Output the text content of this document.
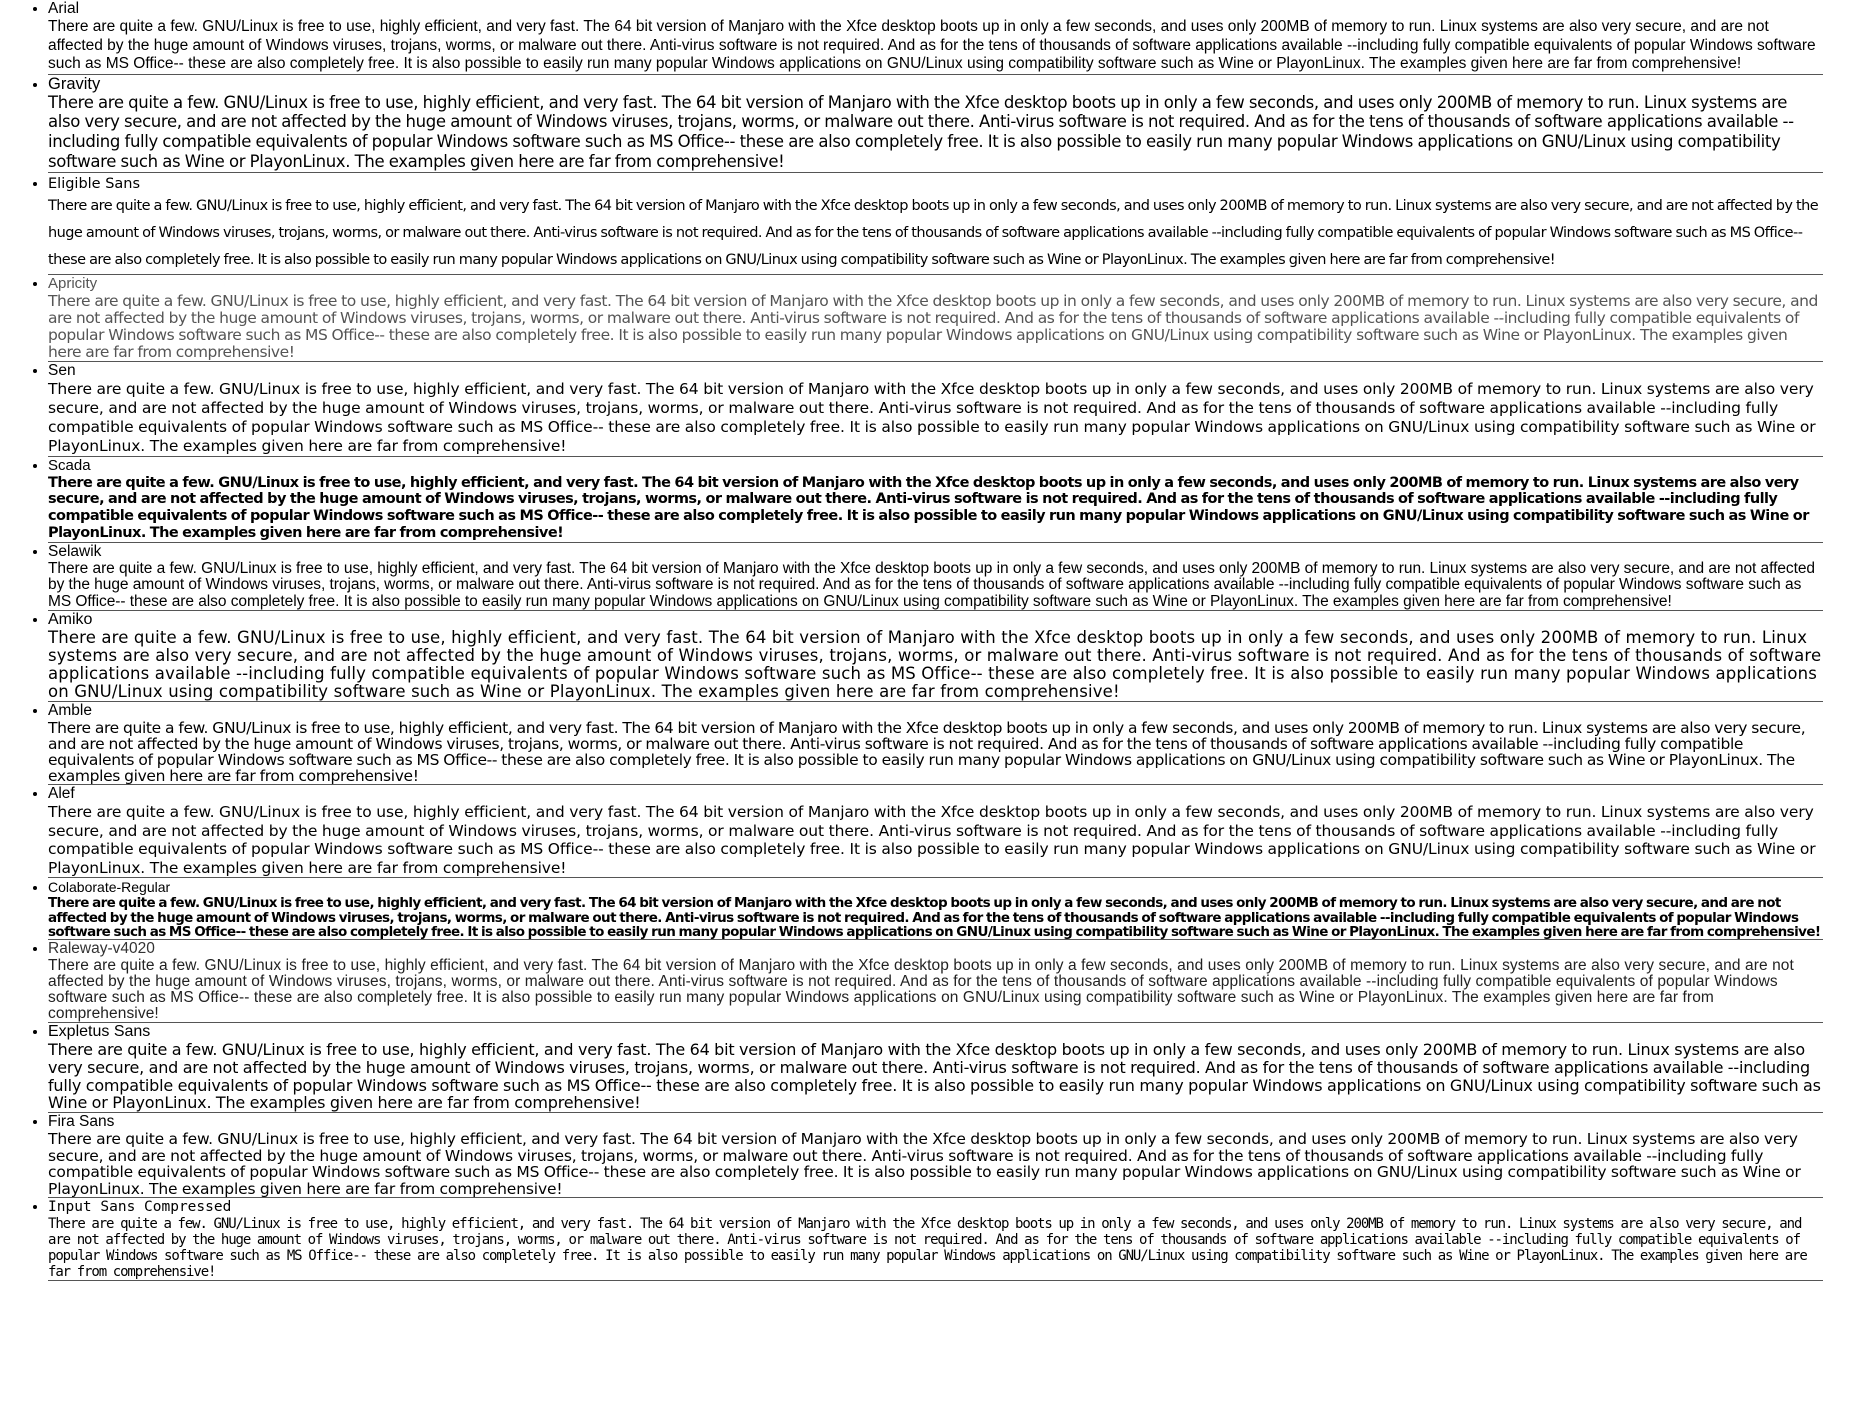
• Arial

There are quite a few. GNU/Linux is free to use, highly efficient, and very fast. The 64 bit version of Manjaro with the Xfce desktop boots up in only a few seconds, and uses only 200MB of memory to run. Linux systems are also very secure, and are not affected by the huge amount of Windows viruses, trojans, worms, or malware out there. Anti-virus software is not required. And as for the tens of thousands of software applications available --including fully compatible equivalents of popular Windows software such as MS Office-- these are also completely free. It is also possible to easily run many popular Windows applications on GNU/Linux using compatibility software such as Wine or PlayonLinux. The examples given here are far from comprehensive!

• Gravity

There are quite a few. GNU/Linux is free to use, highly efficient, and very fast. The 64 bit version of Manjaro with the Xfce desktop boots up in only a few seconds, and uses only 200MB of memory to run. Linux systems are also very secure, and are not affected by the huge amount of Windows viruses, trojans, worms, or malware out there. Anti-virus software is not required. And as for the tens of thousands of software applications available --including fully compatible equivalents of popular Windows software such as MS Office-- these are also completely free. It is also possible to easily run many popular Windows applications on GNU/Linux using compatibility software such as Wine or PlayonLinux. The examples given here are far from comprehensive!

• Eligible Sans

There are quite a few. GNU/Linux is free to use, highly efficient, and very fast. The 64 bit version of Manjaro with the Xfce desktop boots up in only a few seconds, and uses only 200MB of memory to run. Linux systems are also very secure, and are not affected by the huge amount of Windows viruses, trojans, worms, or malware out there. Anti-virus software is not required. And as for the tens of thousands of software applications available --including fully compatible equivalents of popular Windows software such as MS Office-- these are also completely free. It is also possible to easily run many popular Windows applications on GNU/Linux using compatibility software such as Wine or PlayonLinux. The examples given here are far from comprehensive!

• Apricity

There are quite a few. GNU/Linux is free to use, highly efficient, and very fast. The 64 bit version of Manjaro with the Xfce desktop boots up in only a few seconds, and uses only 200MB of memory to run. Linux systems are also very secure, and are not affected by the huge amount of Windows viruses, trojans, worms, or malware out there. Anti-virus software is not required. And as for the tens of thousands of software applications available --including fully compatible equivalents of popular Windows software such as MS Office-- these are also completely free. It is also possible to easily run many popular Windows applications on GNU/Linux using compatibility software such as Wine or PlayonLinux. The examples given here are far from comprehensive!

• Sen

There are quite a few. GNU/Linux is free to use, highly efficient, and very fast. The 64 bit version of Manjaro with the Xfce desktop boots up in only a few seconds, and uses only 200MB of memory to run. Linux systems are also very secure, and are not affected by the huge amount of Windows viruses, trojans, worms, or malware out there. Anti-virus software is not required. And as for the tens of thousands of software applications available --including fully compatible equivalents of popular Windows software such as MS Office-- these are also completely free. It is also possible to easily run many popular Windows applications on GNU/Linux using compatibility software such as Wine or PlayonLinux. The examples given here are far from comprehensive!

• Scada

There are quite a few. GNU/Linux is free to use, highly efficient, and very fast. The 64 bit version of Manjaro with the Xfce desktop boots up in only a few seconds, and uses only 200MB of memory to run. Linux systems are also very secure, and are not affected by the huge amount of Windows viruses, trojans, worms, or malware out there. Anti-virus software is not required. And as for the tens of thousands of software applications available --including fully compatible equivalents of popular Windows software such as MS Office-- these are also completely free. It is also possible to easily run many popular Windows applications on GNU/Linux using compatibility software such as Wine or PlayonLinux. The examples given here are far from comprehensive!

• Selawik

There are quite a few. GNU/Linux is free to use, highly efficient, and very fast. The 64 bit version of Manjaro with the Xfce desktop boots up in only a few seconds, and uses only 200MB of memory to run. Linux systems are also very secure, and are not affected by the huge amount of Windows viruses, trojans, worms, or malware out there. Anti-virus software is not required. And as for the tens of thousands of software applications available --including fully compatible equivalents of popular Windows software such as MS Office-- these are also completely free. It is also possible to easily run many popular Windows applications on GNU/Linux using compatibility software such as Wine or PlayonLinux. The examples given here are far from comprehensive!

• Amiko

There are quite a few. GNU/Linux is free to use, highly efficient, and very fast. The 64 bit version of Manjaro with the Xfce desktop boots up in only a few seconds, and uses only 200MB of memory to run. Linux systems are also very secure, and are not affected by the huge amount of Windows viruses, trojans, worms, or malware out there. Anti-virus software is not required. And as for the tens of thousands of software applications available --including fully compatible equivalents of popular Windows software such as MS Office-- these are also completely free. It is also possible to easily run many popular Windows applications on GNU/Linux using compatibility software such as Wine or PlayonLinux. The examples given here are far from comprehensive!

• Amble

There are quite a few. GNU/Linux is free to use, highly efficient, and very fast. The 64 bit version of Manjaro with the Xfce desktop boots up in only a few seconds, and uses only 200MB of memory to run. Linux systems are also very secure, and are not affected by the huge amount of Windows viruses, trojans, worms, or malware out there. Anti-virus software is not required. And as for the tens of thousands of software applications available --including fully compatible equivalents of popular Windows software such as MS Office-- these are also completely free. It is also possible to easily run many popular Windows applications on GNU/Linux using compatibility software such as Wine or PlayonLinux. The examples given here are far from comprehensive!

• Alef

There are quite a few. GNU/Linux is free to use, highly efficient, and very fast. The 64 bit version of Manjaro with the Xfce desktop boots up in only a few seconds, and uses only 200MB of memory to run. Linux systems are also very secure, and are not affected by the huge amount of Windows viruses, trojans, worms, or malware out there. Anti-virus software is not required. And as for the tens of thousands of software applications available --including fully compatible equivalents of popular Windows software such as MS Office-- these are also completely free. It is also possible to easily run many popular Windows applications on GNU/Linux using compatibility software such as Wine or PlayonLinux. The examples given here are far from comprehensive!

• Colaborate-Regular

There are quite a few. GNU/Linux is free to use, highly efficient, and very fast. The 64 bit version of Manjaro with the Xfce desktop boots up in only a few seconds, and uses only 200MB of memory to run. Linux systems are also very secure, and are not affected by the huge amount of Windows viruses, trojans, worms, or malware out there. Anti-virus software is not required. And as for the tens of thousands of software applications available --including fully compatible equivalents of popular Windows software such as MS Office-- these are also completely free. It is also possible to easily run many popular Windows applications on GNU/Linux using compatibility software such as Wine or PlayonLinux. The examples given here are far from comprehensive!

• Raleway-v4020

There are quite a few. GNU/Linux is free to use, highly efficient, and very fast. The 64 bit version of Manjaro with the Xfce desktop boots up in only a few seconds, and uses only 200MB of memory to run. Linux systems are also very secure, and are not affected by the huge amount of Windows viruses, trojans, worms, or malware out there. Anti-virus software is not required. And as for the tens of thousands of software applications available --including fully compatible equivalents of popular Windows software such as MS Office-- these are also completely free. It is also possible to easily run many popular Windows applications on GNU/Linux using compatibility software such as Wine or PlayonLinux. The examples given here are far from comprehensive!

• Expletus Sans

There are quite a few. GNU/Linux is free to use, highly efficient, and very fast. The 64 bit version of Manjaro with the Xfce desktop boots up in only a few seconds, and uses only 200MB of memory to run. Linux systems are also very secure, and are not affected by the huge amount of Windows viruses, trojans, worms, or malware out there. Anti-virus software is not required. And as for the tens of thousands of software applications available --including fully compatible equivalents of popular Windows software such as MS Office-- these are also completely free. It is also possible to easily run many popular Windows applications on GNU/Linux using compatibility software such as Wine or PlayonLinux. The examples given here are far from comprehensive!

• Fira Sans

There are quite a few. GNU/Linux is free to use, highly efficient, and very fast. The 64 bit version of Manjaro with the Xfce desktop boots up in only a few seconds, and uses only 200MB of memory to run. Linux systems are also very secure, and are not affected by the huge amount of Windows viruses, trojans, worms, or malware out there. Anti-virus software is not required. And as for the tens of thousands of software applications available --including fully compatible equivalents of popular Windows software such as MS Office-- these are also completely free. It is also possible to easily run many popular Windows applications on GNU/Linux using compatibility software such as Wine or PlayonLinux. The examples given here are far from comprehensive!

• Input Sans Compressed

There are quite a few. GNU/Linux is free to use, highly efficient, and very fast. The 64 bit version of Manjaro with the Xfce desktop boots up in only a few seconds, and uses only 200MB of memory to run. Linux systems are also very secure, and are not affected by the huge amount of Windows viruses, trojans, worms, or malware out there. Anti-virus software is not required. And as for the tens of thousands of software applications available --including fully compatible equivalents of popular Windows software such as MS Office-- these are also completely free. It is also possible to easily run many popular Windows applications on GNU/Linux using compatibility software such as Wine or PlayonLinux. The examples given here are far from comprehensive!
